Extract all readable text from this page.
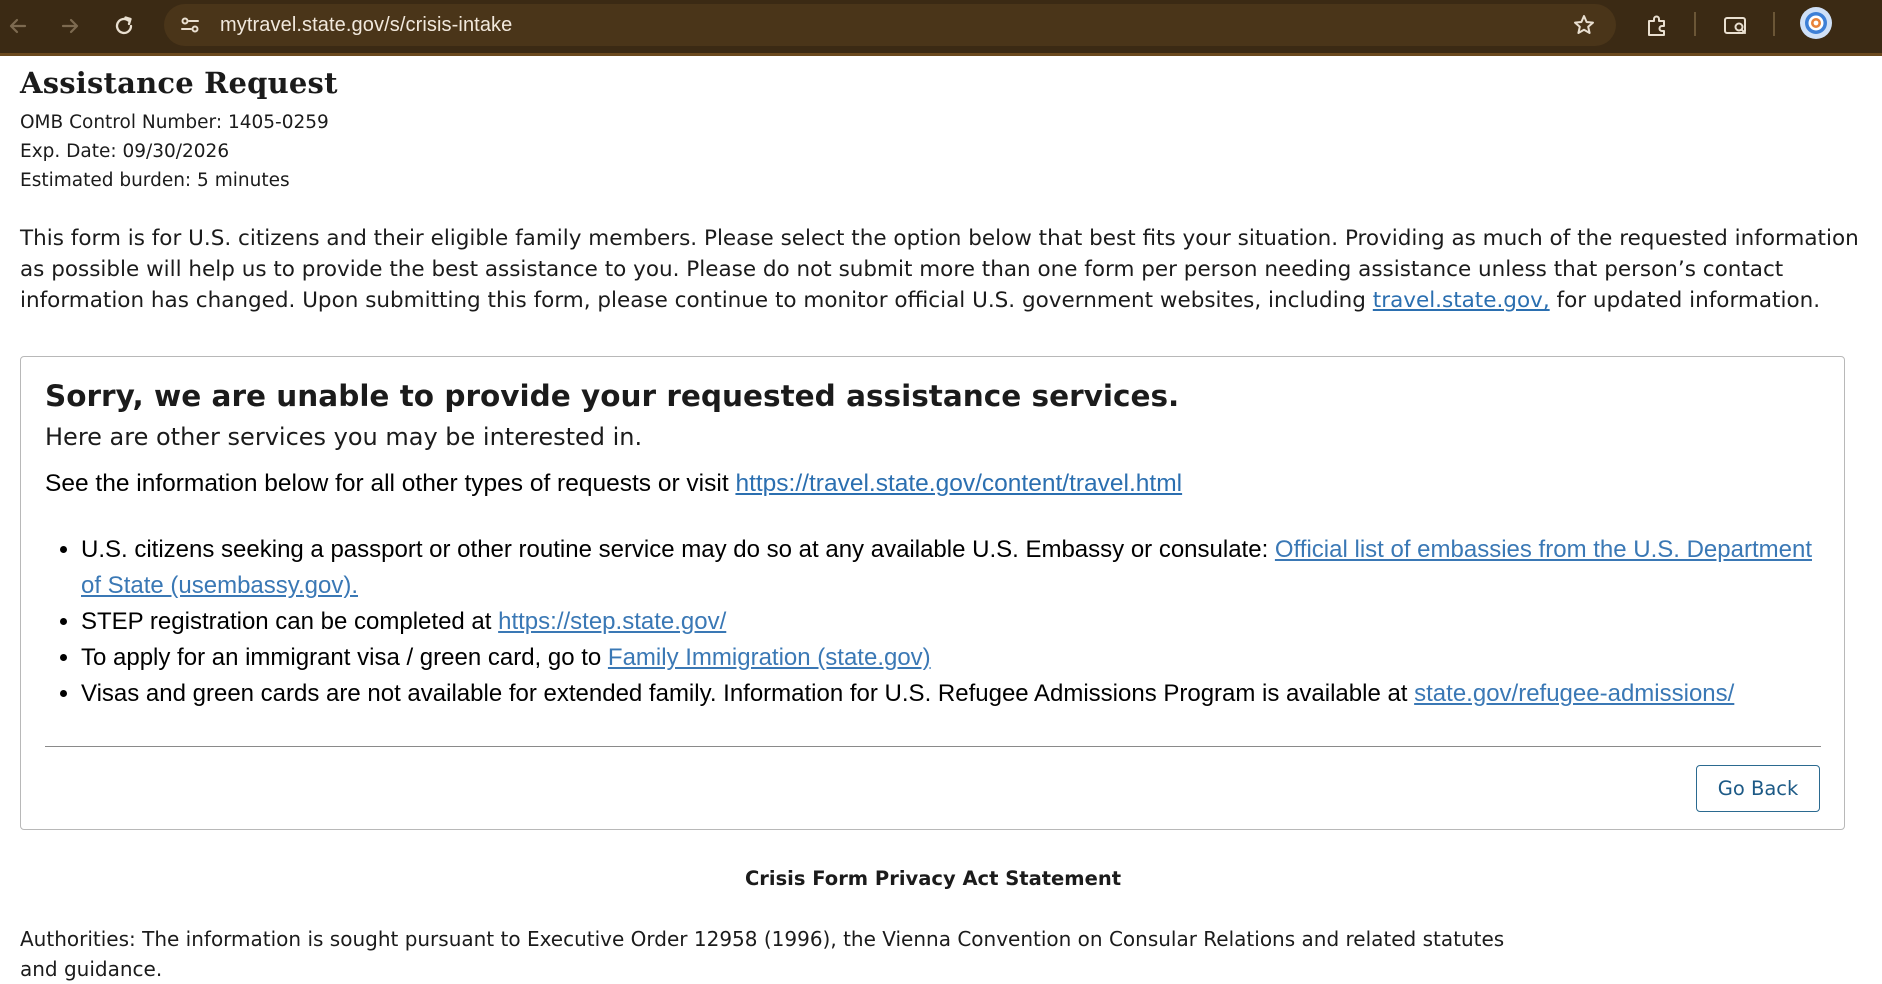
mytravel.state.gov/s/crisis-intake
Assistance Request
OMB Control Number: 1405-0259
Exp. Date: 09/30/2026
Estimated burden: 5 minutes

This form is for U.S. citizens and their eligible family members. Please select the option below that best fits your situation. Providing as much of the requested information as possible will help us to provide the best assistance to you. Please do not submit more than one form per person needing assistance unless that person’s contact information has changed. Upon submitting this form, please continue to monitor official U.S. government websites, including travel.state.gov, for updated information.

Sorry, we are unable to provide your requested assistance services.
Here are other services you may be interested in.
See the information below for all other types of requests or visit https://travel.state.gov/content/travel.html
• U.S. citizens seeking a passport or other routine service may do so at any available U.S. Embassy or consulate: Official list of embassies from the U.S. Department of State (usembassy.gov).
• STEP registration can be completed at https://step.state.gov/
• To apply for an immigrant visa / green card, go to Family Immigration (state.gov)
• Visas and green cards are not available for extended family. Information for U.S. Refugee Admissions Program is available at state.gov/refugee-admissions/
Go Back
Crisis Form Privacy Act Statement
Authorities: The information is sought pursuant to Executive Order 12958 (1996), the Vienna Convention on Consular Relations and related statutes and guidance.
